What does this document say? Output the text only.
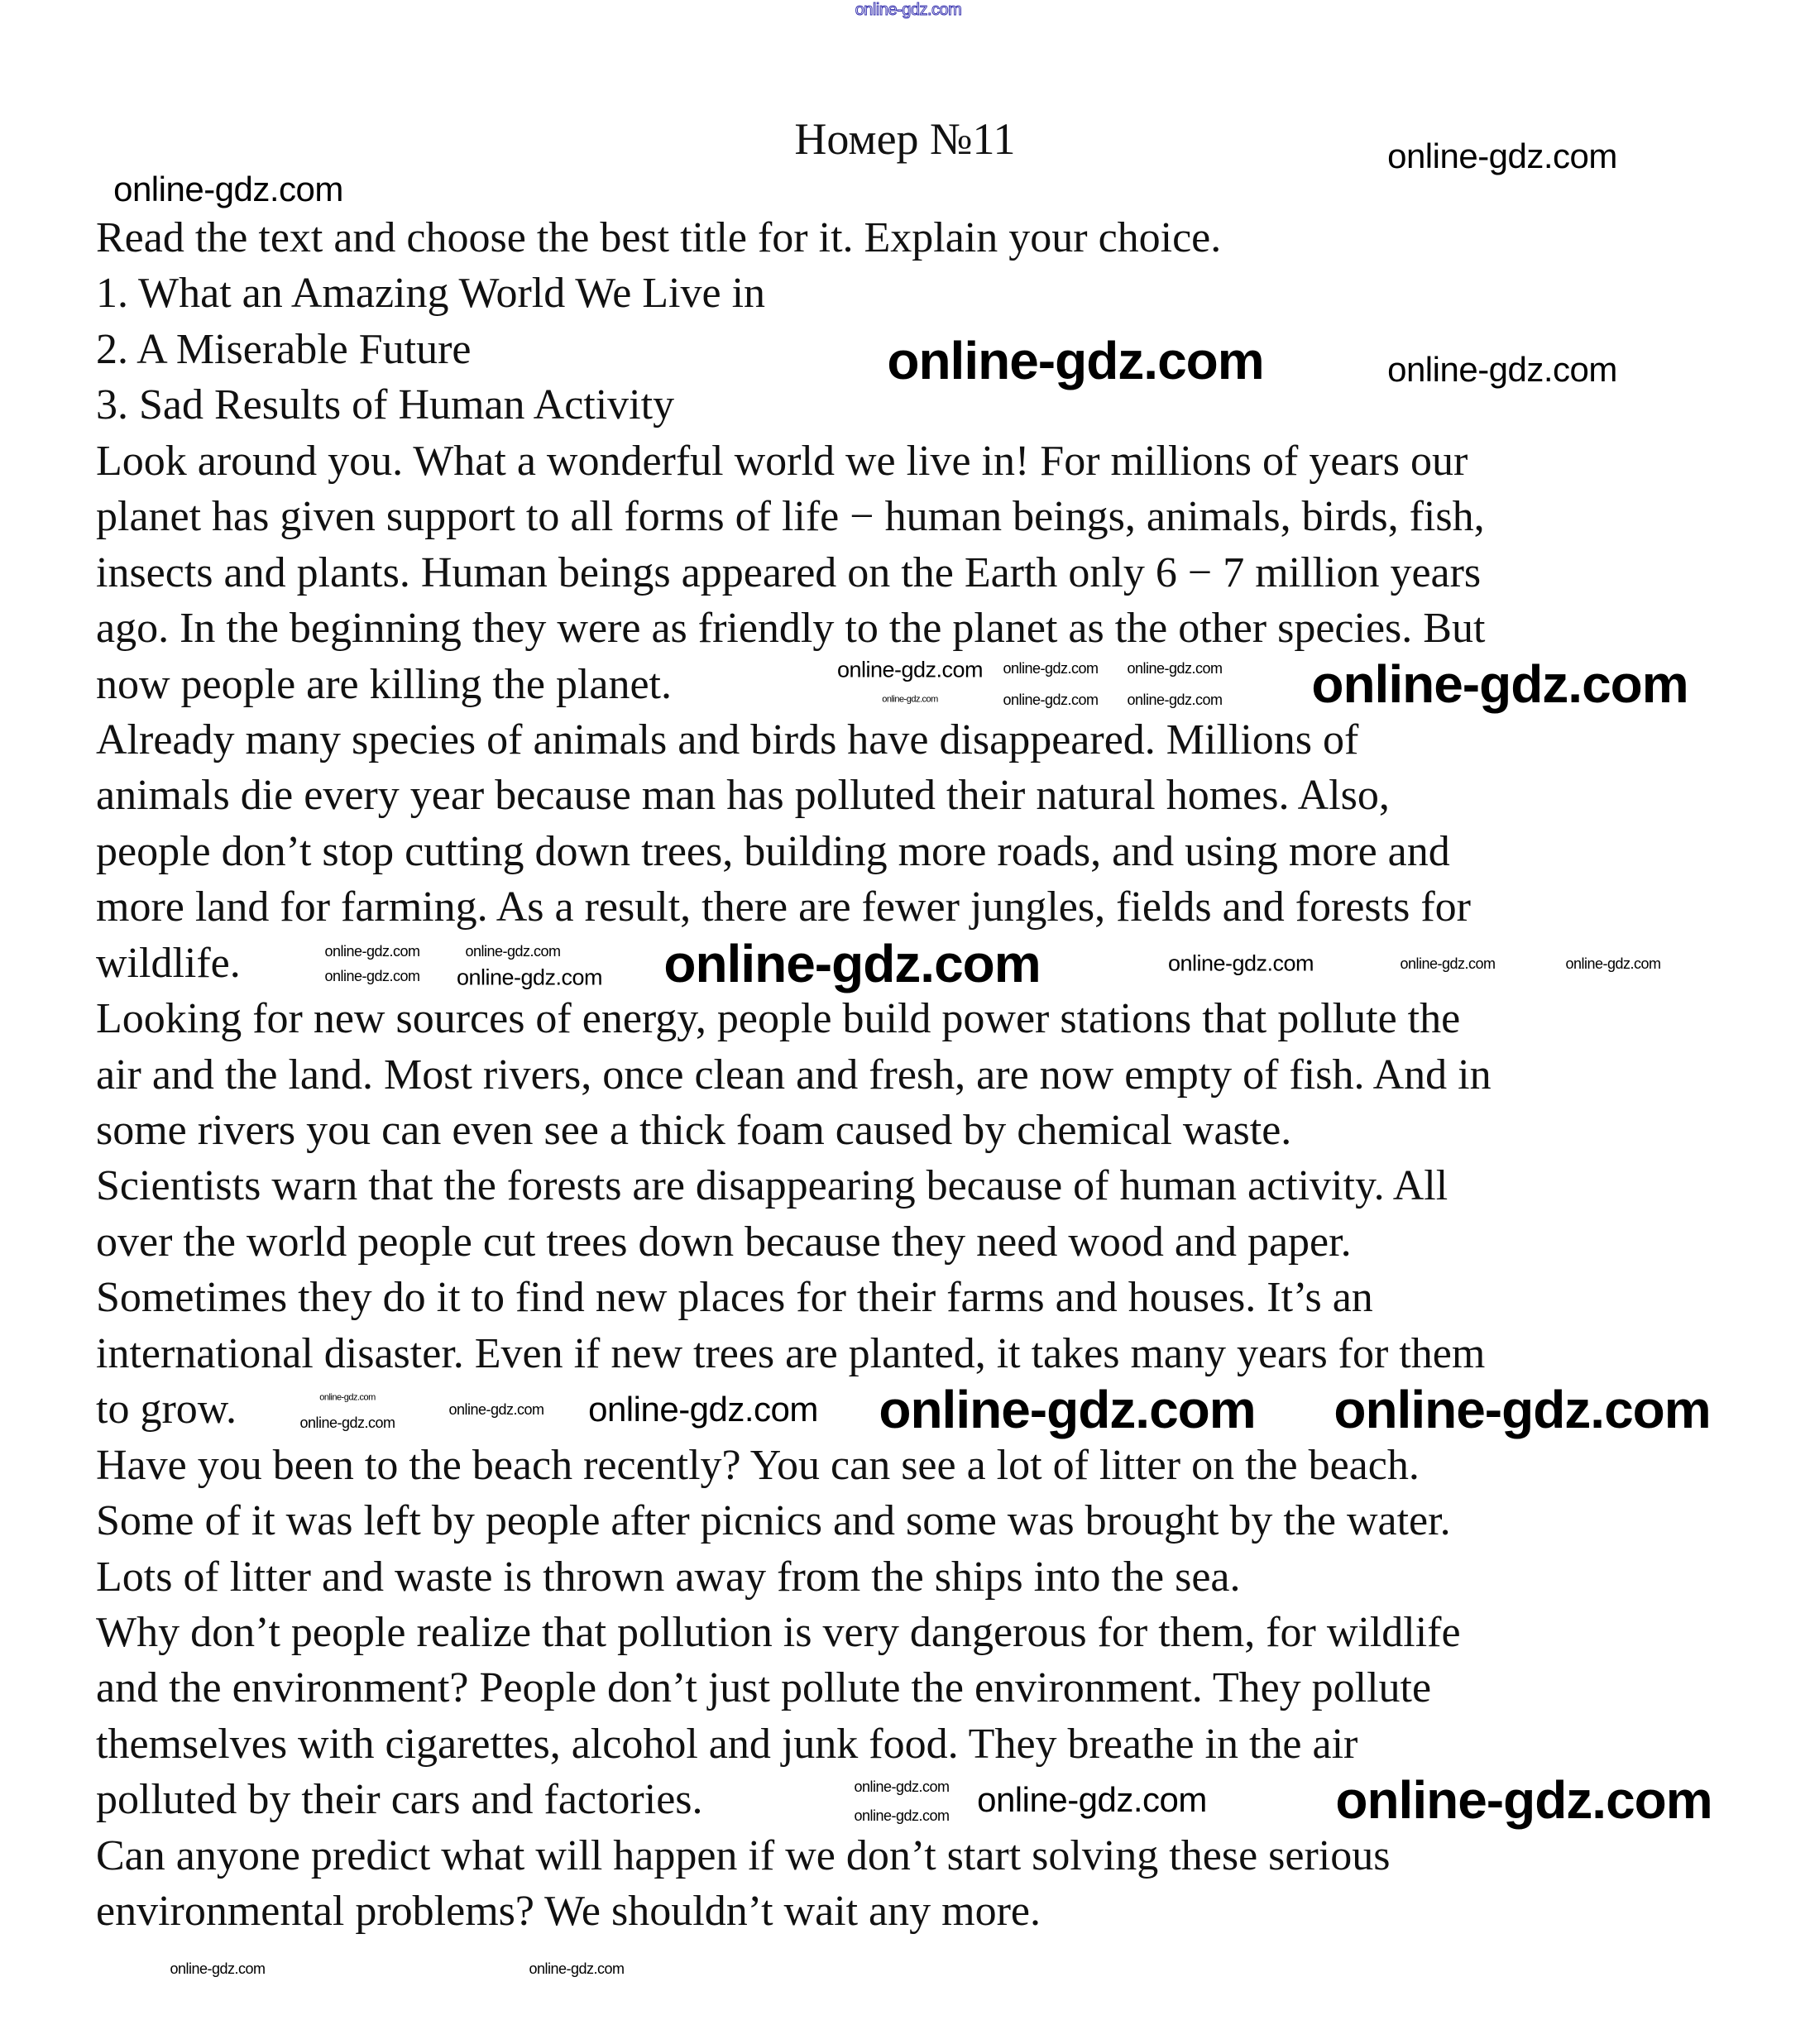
Номер №11
Read the text and choose the best title for it. Explain your choice.
1. What an Amazing World We Live in
2. A Miserable Future
3. Sad Results of Human Activity
Look around you. What a wonderful world we live in! For millions of years our
planet has given support to all forms of life − human beings, animals, birds, fish,
insects and plants. Human beings appeared on the Earth only 6 − 7 million years
ago. In the beginning they were as friendly to the planet as the other species. But
now people are killing the planet.
Already many species of animals and birds have disappeared. Millions of
animals die every year because man has polluted their natural homes. Also,
people don’t stop cutting down trees, building more roads, and using more and
more land for farming. As a result, there are fewer jungles, fields and forests for
wildlife.
Looking for new sources of energy, people build power stations that pollute the
air and the land. Most rivers, once clean and fresh, are now empty of fish. And in
some rivers you can even see a thick foam caused by chemical waste.
Scientists warn that the forests are disappearing because of human activity. All
over the world people cut trees down because they need wood and paper.
Sometimes they do it to find new places for their farms and houses. It’s an
international disaster. Even if new trees are planted, it takes many years for them
to grow.
Have you been to the beach recently? You can see a lot of litter on the beach.
Some of it was left by people after picnics and some was brought by the water.
Lots of litter and waste is thrown away from the ships into the sea.
Why don’t people realize that pollution is very dangerous for them, for wildlife
and the environment? People don’t just pollute the environment. They pollute
themselves with cigarettes, alcohol and junk food. They breathe in the air
polluted by their cars and factories.
Can anyone predict what will happen if we don’t start solving these serious
environmental problems? We shouldn’t wait any more.
online-gdz.com
online-gdz.com
online-gdz.com
online-gdz.com	online-gdz.com
online-gdz.com
online-gdz.com
online-gdz.com
online-gdz.com
online-gdz.com
online-gdz.com	online-gdz.com
online-gdz.com
online-gdz.com
online-gdz.com
online-gdz.com online-gdz.com	online-gdz.com	online-gdz.com	online-gdz.com
online-gdz.com
online-gdz.com
online-gdz.com online-gdz.com online-gdz.com online-gdz.com
online-gdz.com
online-gdz.com online-gdz.com online-gdz.com
online-gdz.com	online-gdz.com
